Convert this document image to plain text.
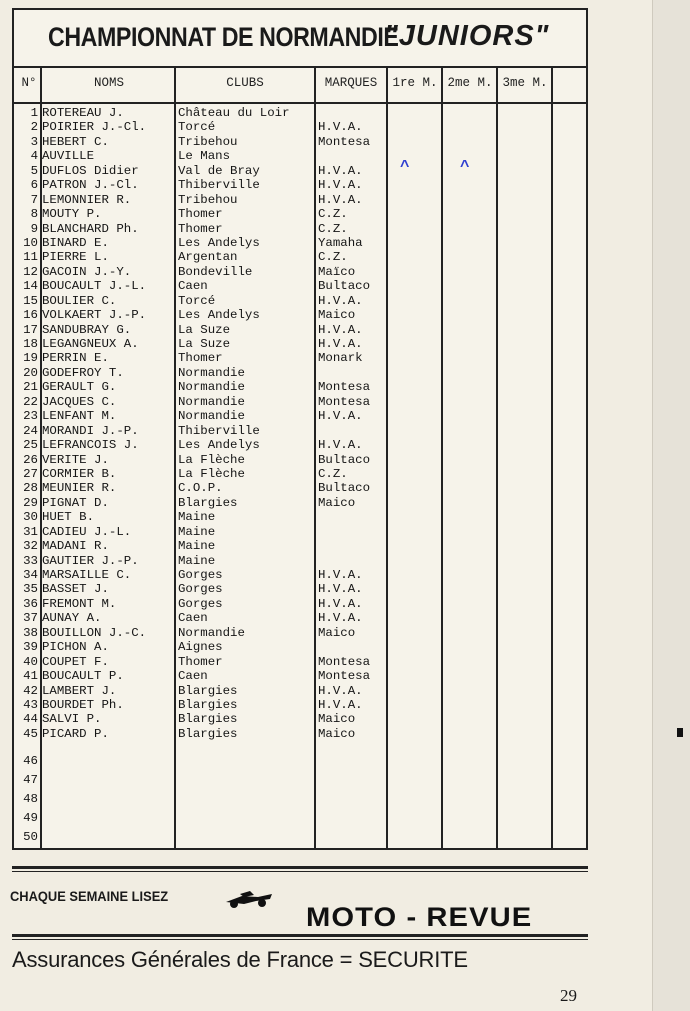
CHAMPIONNAT DE NORMANDIE
"JUNIORS"
N°	NOMS	CLUBS	MARQUES	1re M. 2me M. 3me M.
1 ROTEREAU J.	Château du Loir
2 POIRIER J.-Cl.	Torcé	H.V.A.
3 HEBERT C.	Tribehou	Montesa
4 AUVILLE	Le Mans
5 DUFLOS Didier	Val de Bray	H.V.A.
6 PATRON J.-Cl.	Thiberville	H.V.A.
7 LEMONNIER R.	Tribehou	H.V.A.
8 MOUTY P.	Thomer	C.Z.
9 BLANCHARD Ph.	Thomer	C.Z.
10 BINARD E.	Les Andelys	Yamaha
11 PIERRE L.	Argentan	C.Z.
12 GACOIN J.-Y.	Bondeville	Maïco
14 BOUCAULT J.-L.	Caen	Bultaco
15 BOULIER C.	Torcé	H.V.A.
16 VOLKAERT J.-P.	Les Andelys	Maico
17 SANDUBRAY G.	La Suze	H.V.A.
18 LEGANGNEUX A.	La Suze	H.V.A.
19 PERRIN E.	Thomer	Monark
20 GODEFROY T.	Normandie
21 GERAULT G.	Normandie	Montesa
22 JACQUES C.	Normandie	Montesa
23 LENFANT M.	Normandie	H.V.A.
24 MORANDI J.-P.	Thiberville
25 LEFRANCOIS J.	Les Andelys	H.V.A.
26 VERITE J.	La Flèche	Bultaco
27 CORMIER B.	La Flèche	C.Z.
28 MEUNIER R.	C.O.P.	Bultaco
29 PIGNAT D.	Blargies	Maico
30 HUET B.	Maine
31 CADIEU J.-L.	Maine
32 MADANI R.	Maine
33 GAUTIER J.-P.	Maine
34 MARSAILLE C.	Gorges	H.V.A.
35 BASSET J.	Gorges	H.V.A.
36 FREMONT M.	Gorges	H.V.A.
37 AUNAY A.	Caen	H.V.A.
38 BOUILLON J.-C.	Normandie	Maico
39 PICHON A.	Aignes
40 COUPET F.	Thomer	Montesa
41 BOUCAULT P.	Caen	Montesa
42 LAMBERT J.	Blargies	H.V.A.
43 BOURDET Ph.	Blargies	H.V.A.
44 SALVI P.	Blargies	Maico
45 PICARD P.	Blargies	Maico
46
47
48
49
50
^	^
CHAQUE SEMAINE LISEZ
MOTO - REVUE
Assurances Générales de France = SECURITE
29
